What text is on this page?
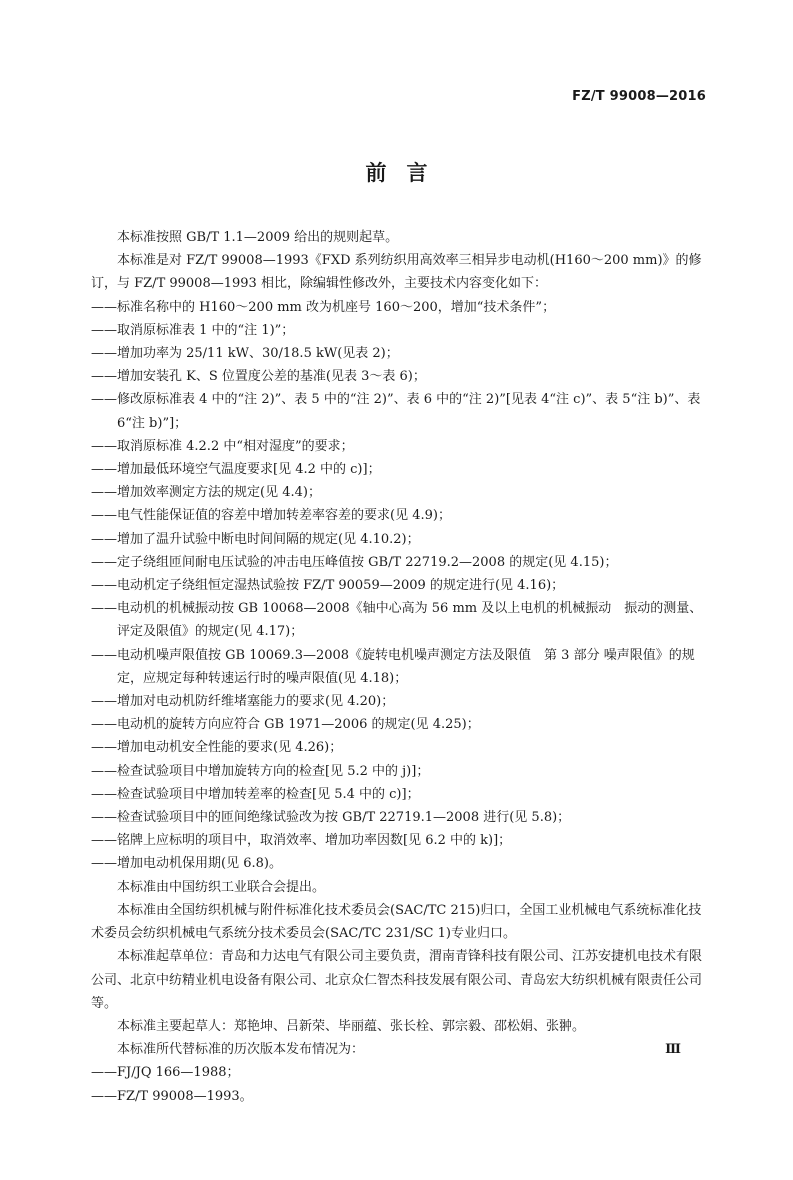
FZ/T 99008—2016
前言

本标准按照 GB/T 1.1—2009 给出的规则起草。

本标准是对 FZ/T 99008—1993《FXD 系列纺织用高效率三相异步电动机(H160～200 mm)》的修订，与 FZ/T 99008—1993 相比，除编辑性修改外，主要技术内容变化如下：

——标准名称中的 H160～200 mm 改为机座号 160～200，增加“技术条件”；

——取消原标准表 1 中的“注 1)”；

——增加功率为 25/11 kW、30/18.5 kW(见表 2)；

——增加安装孔 K、S 位置度公差的基准(见表 3～表 6)；

——修改原标准表 4 中的“注 2)”、表 5 中的“注 2)”、表 6 中的“注 2)”[见表 4“注 c)”、表 5“注 b)”、表 6“注 b)”]；

——取消原标准 4.2.2 中“相对湿度”的要求；

——增加最低环境空气温度要求[见 4.2 中的 c)]；

——增加效率测定方法的规定(见 4.4)；

——电气性能保证值的容差中增加转差率容差的要求(见 4.9)；

——增加了温升试验中断电时间间隔的规定(见 4.10.2)；

——定子绕组匝间耐电压试验的冲击电压峰值按 GB/T 22719.2—2008 的规定(见 4.15)；

——电动机定子绕组恒定湿热试验按 FZ/T 90059—2009 的规定进行(见 4.16)；

——电动机的机械振动按 GB 10068—2008《轴中心高为 56 mm 及以上电机的机械振动　振动的测量、评定及限值》的规定(见 4.17)；

——电动机噪声限值按 GB 10069.3—2008《旋转电机噪声测定方法及限值　第 3 部分 噪声限值》的规定，应规定每种转速运行时的噪声限值(见 4.18)；

——增加对电动机防纤维堵塞能力的要求(见 4.20)；

——电动机的旋转方向应符合 GB 1971—2006 的规定(见 4.25)；

——增加电动机安全性能的要求(见 4.26)；

——检查试验项目中增加旋转方向的检查[见 5.2 中的 j)]；

——检查试验项目中增加转差率的检查[见 5.4 中的 c)]；

——检查试验项目中的匝间绝缘试验改为按 GB/T 22719.1—2008 进行(见 5.8)；

——铭牌上应标明的项目中，取消效率、增加功率因数[见 6.2 中的 k)]；

——增加电动机保用期(见 6.8)。

本标准由中国纺织工业联合会提出。

本标准由全国纺织机械与附件标准化技术委员会(SAC/TC 215)归口，全国工业机械电气系统标准化技术委员会纺织机械电气系统分技术委员会(SAC/TC 231/SC 1)专业归口。

本标准起草单位：青岛和力达电气有限公司主要负责，渭南青锋科技有限公司、江苏安捷机电技术有限公司、北京中纺精业机电设备有限公司、北京众仁智杰科技发展有限公司、青岛宏大纺织机械有限责任公司等。

本标准主要起草人：郑艳坤、吕新荣、毕丽蕴、张长栓、郭宗毅、邵松娟、张翀。

本标准所代替标准的历次版本发布情况为：

——FJ/JQ 166—1988；

——FZ/T 99008—1993。

Ⅲ
